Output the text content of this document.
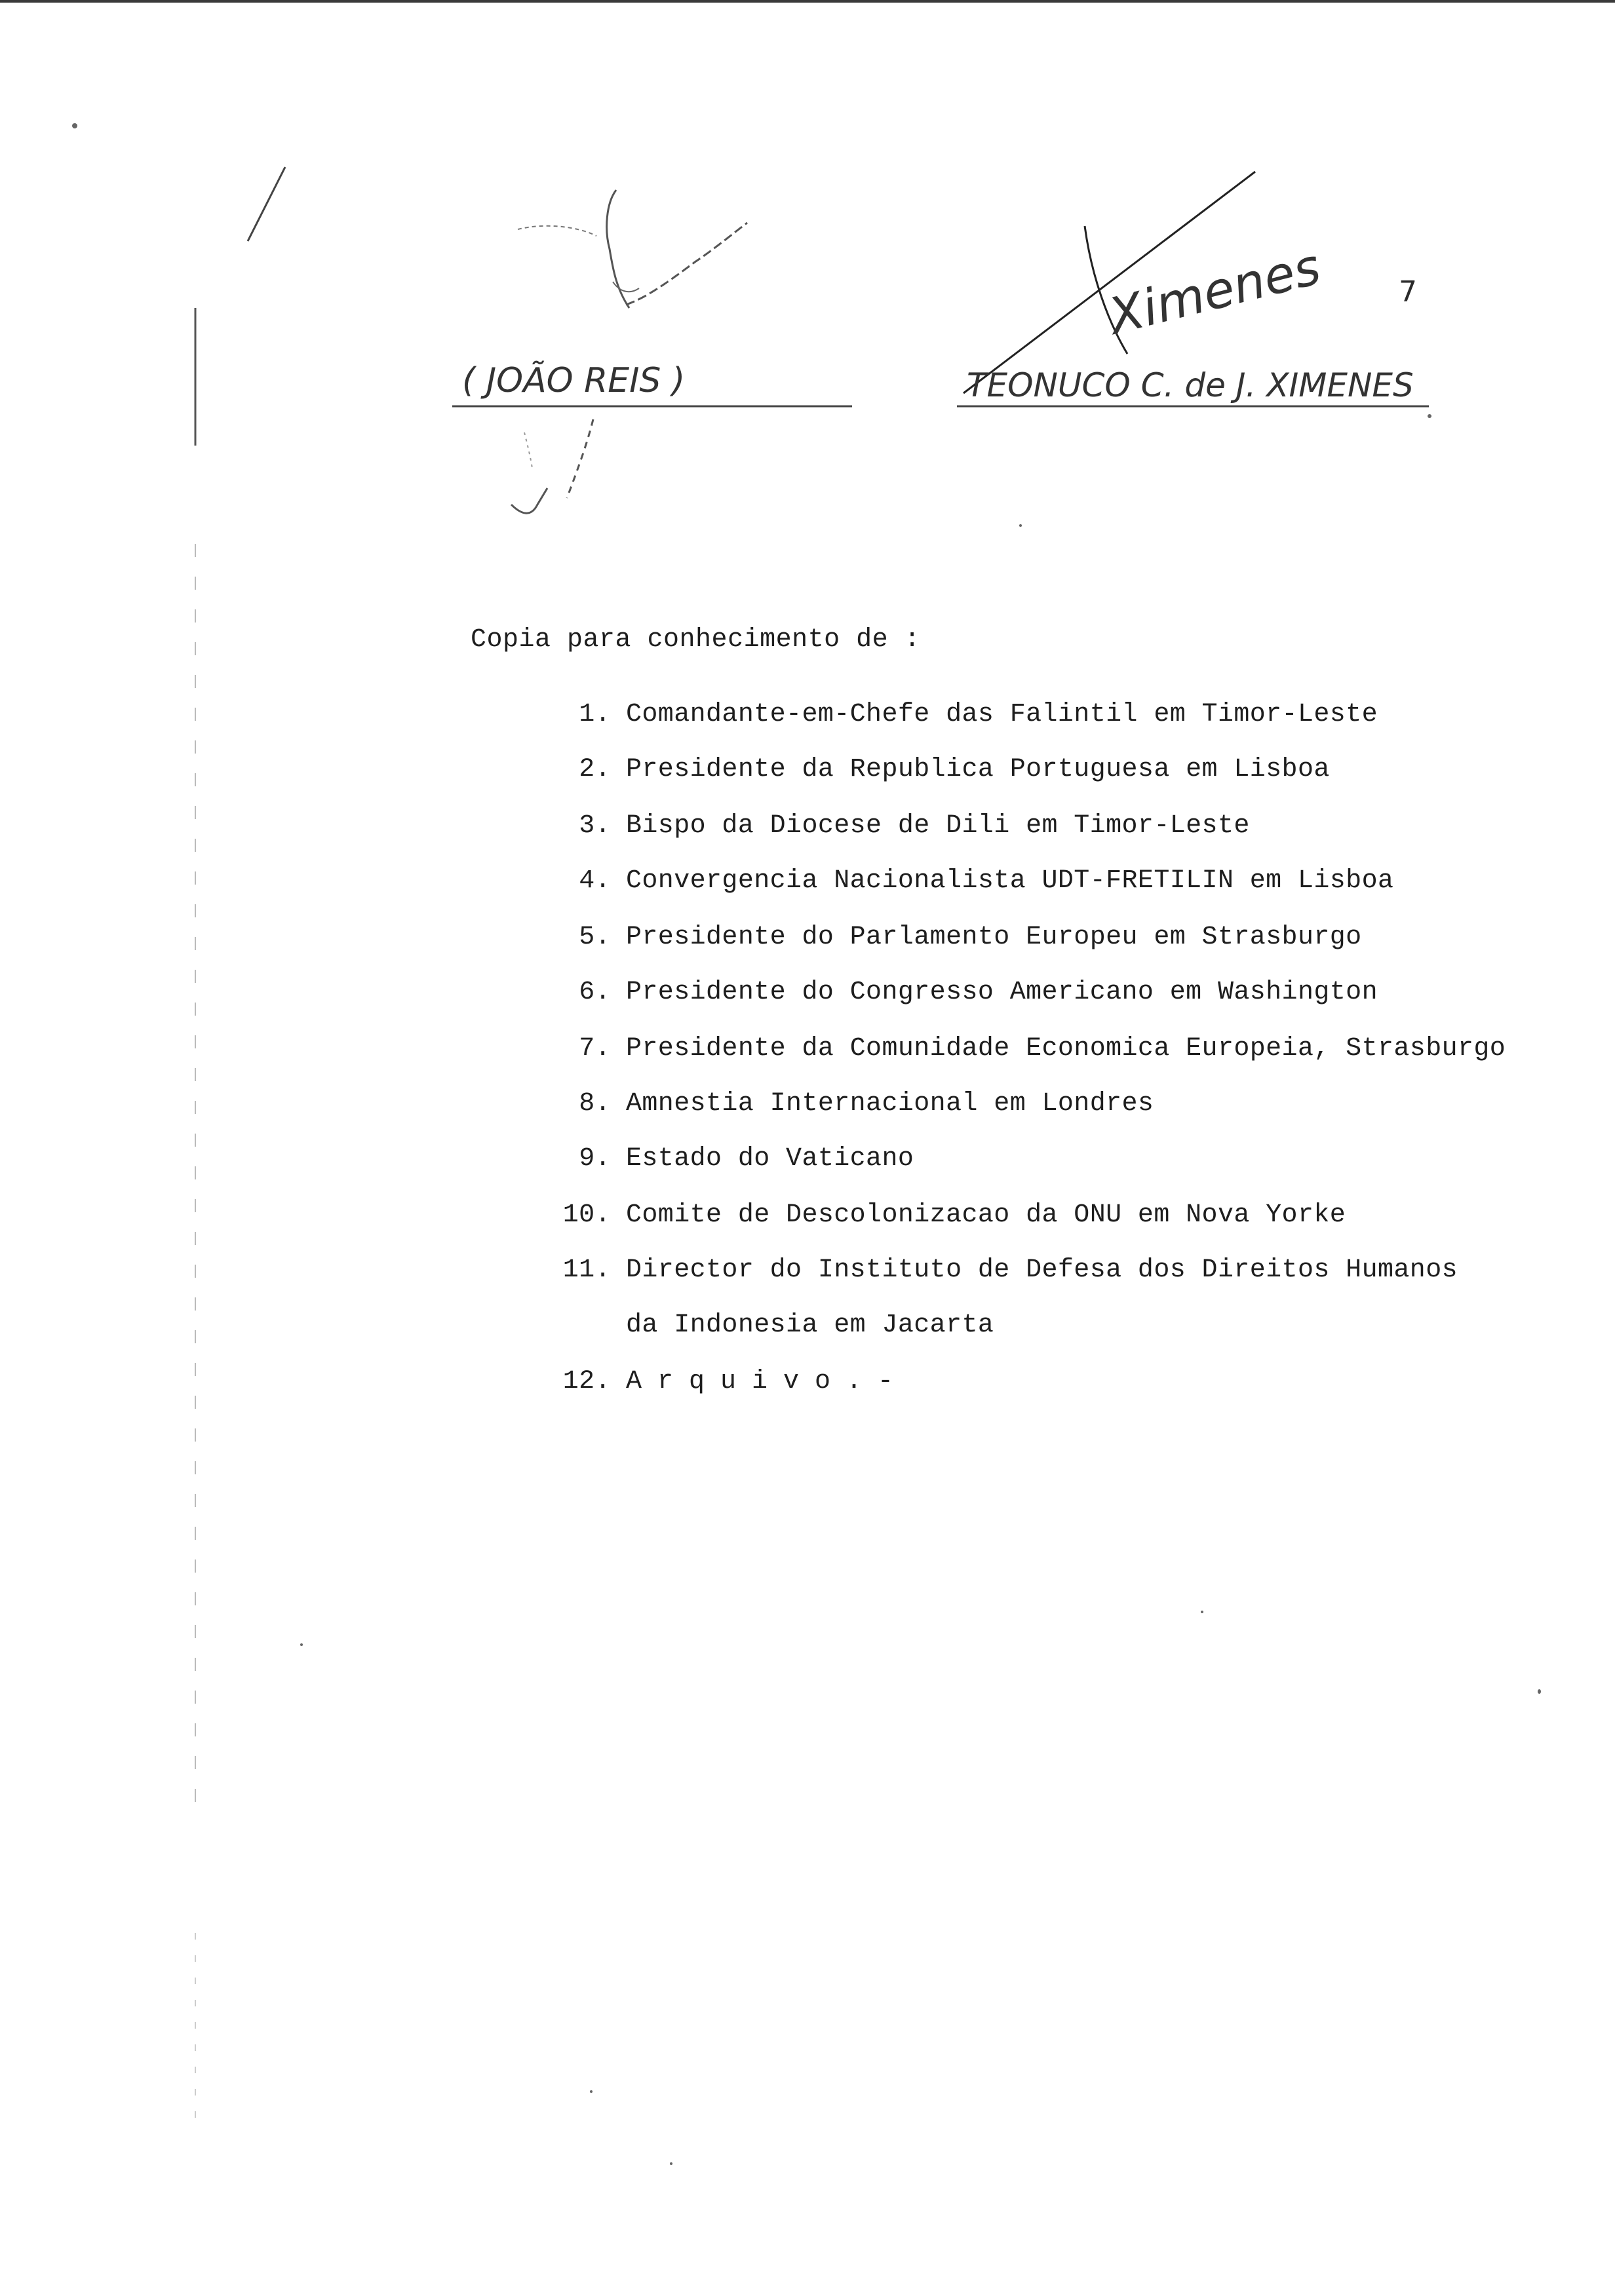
( JOÃO REIS )
Ximenes
TEONUCO C. de J. XIMENES
7
Copia para conhecimento de :
1. Comandante-em-Chefe das Falintil em Timor-Leste
2. Presidente da Republica Portuguesa em Lisboa
3. Bispo da Diocese de Dili em Timor-Leste
4. Convergencia Nacionalista UDT-FRETILIN em Lisboa
5. Presidente do Parlamento Europeu em Strasburgo
6. Presidente do Congresso Americano em Washington
7. Presidente da Comunidade Economica Europeia, Strasburgo
8. Amnestia Internacional em Londres
9. Estado do Vaticano
10. Comite de Descolonizacao da ONU em Nova Yorke
11. Director do Instituto de Defesa dos Direitos Humanos
da Indonesia em Jacarta
12. Arquivo.-
